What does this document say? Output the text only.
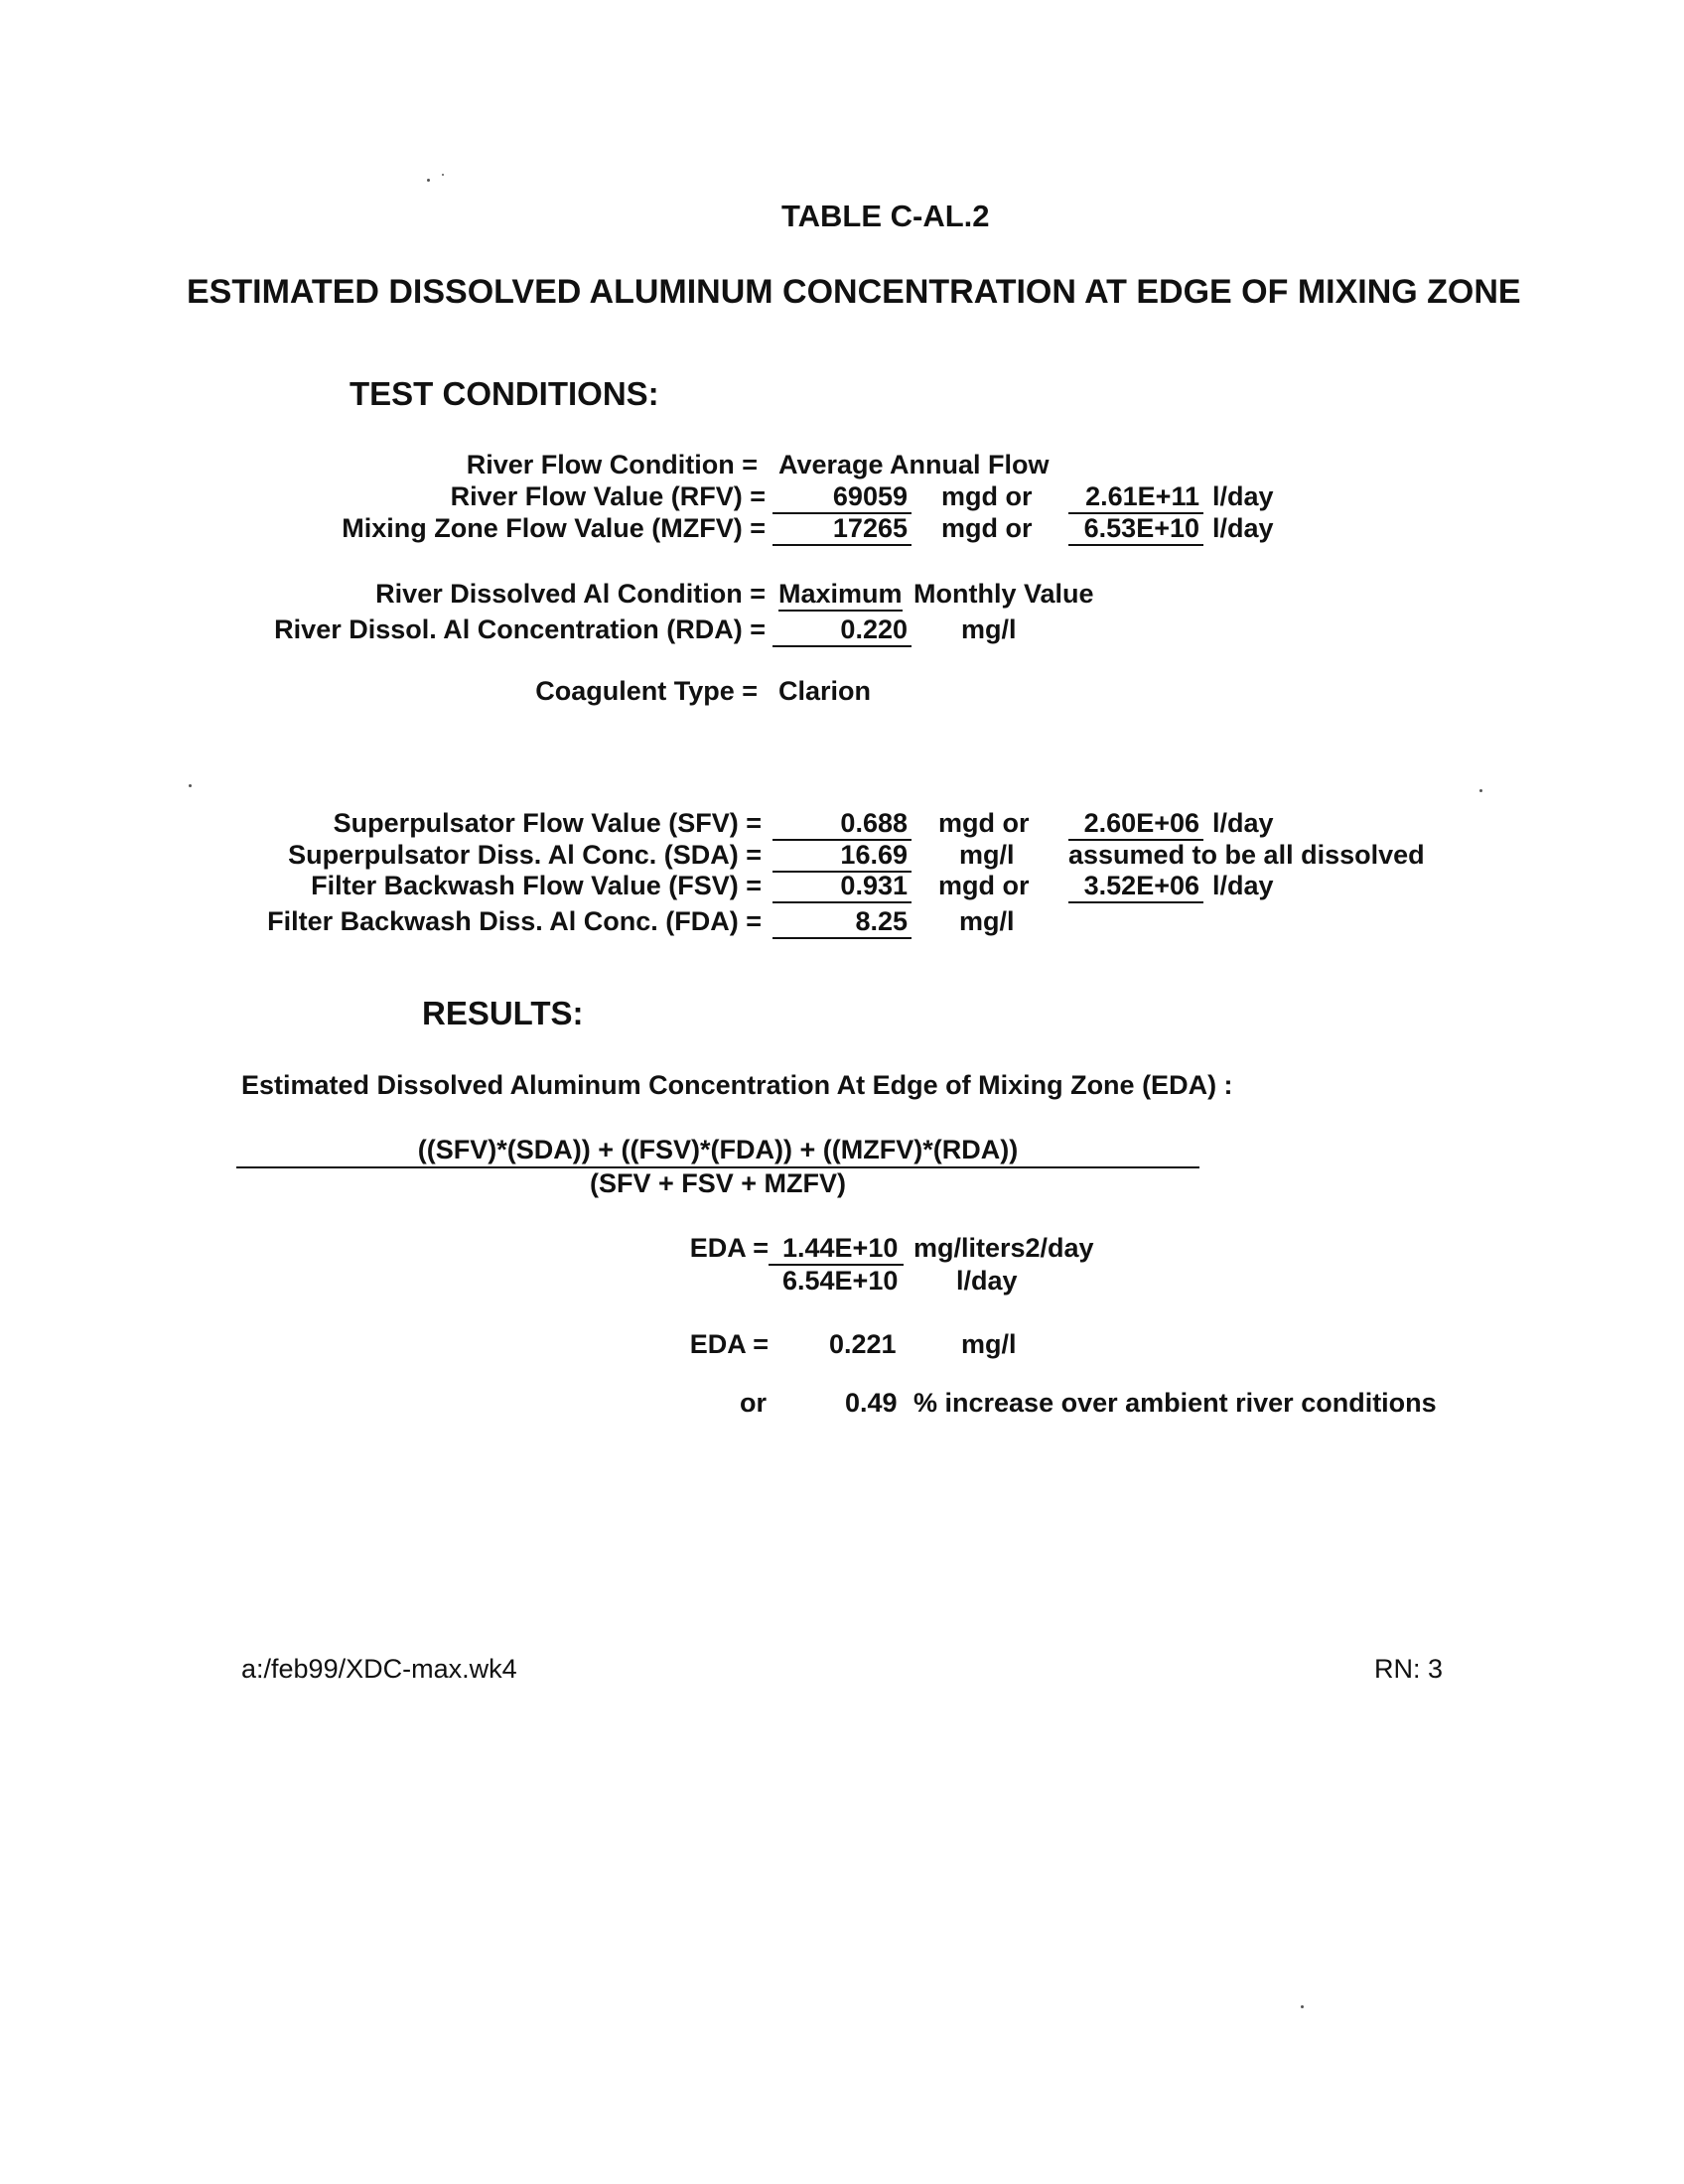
TABLE C-AL.2
ESTIMATED DISSOLVED ALUMINUM CONCENTRATION AT EDGE OF MIXING ZONE
TEST CONDITIONS:
River Flow Condition = Average Annual Flow
River Flow Value (RFV) =	69059 mgd or	2.61E+11 l/day
Mixing Zone Flow Value (MZFV) =	17265 mgd or	6.53E+10 l/day
River Dissolved Al Condition = Maximum Monthly Value
River Dissol. Al Concentration (RDA) =	0.220 mg/l
Coagulent Type = Clarion
Superpulsator Flow Value (SFV) =	0.688 mgd or	2.60E+06 l/day
Superpulsator Diss. Al Conc. (SDA) =	16.69 mg/l assumed to be all dissolved
Filter Backwash Flow Value (FSV) =	0.931 mgd or	3.52E+06 l/day
Filter Backwash Diss. Al Conc. (FDA) =	8.25 mg/l
RESULTS:
Estimated Dissolved Aluminum Concentration At Edge of Mixing Zone (EDA) :
((SFV)*(SDA)) + ((FSV)*(FDA)) + ((MZFV)*(RDA))
(SFV + FSV + MZFV)
EDA = 1.44E+10 mg/liters2/day
6.54E+10 l/day
EDA = 0.221 mg/l
or	0.49 % increase over ambient river conditions
a:/feb99/XDC-max.wk4	RN: 3
